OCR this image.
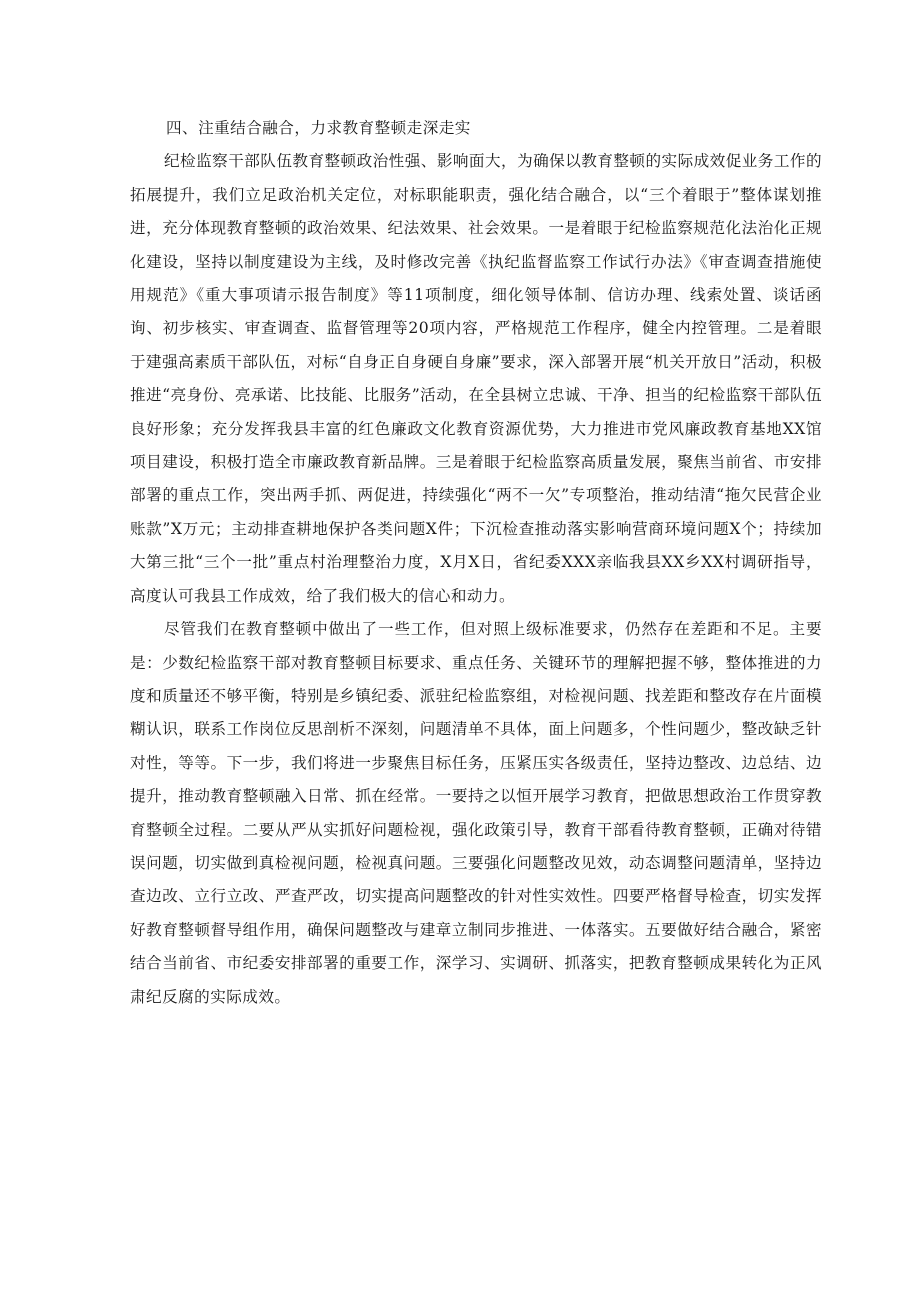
四、注重结合融合，力求教育整顿走深走实

纪检监察干部队伍教育整顿政治性强、影响面大，为确保以教育整顿的实际成效促业务工作的拓展提升，我们立足政治机关定位，对标职能职责，强化结合融合，以“三个着眼于”整体谋划推进，充分体现教育整顿的政治效果、纪法效果、社会效果。一是着眼于纪检监察规范化法治化正规化建设，坚持以制度建设为主线，及时修改完善《执纪监督监察工作试行办法》《审查调查措施使用规范》《重大事项请示报告制度》等11项制度，细化领导体制、信访办理、线索处置、谈话函询、初步核实、审查调查、监督管理等20项内容，严格规范工作程序，健全内控管理。二是着眼于建强高素质干部队伍，对标“自身正自身硬自身廉”要求，深入部署开展“机关开放日”活动，积极推进“亮身份、亮承诺、比技能、比服务”活动，在全县树立忠诚、干净、担当的纪检监察干部队伍良好形象；充分发挥我县丰富的红色廉政文化教育资源优势，大力推进市党风廉政教育基地XX馆项目建设，积极打造全市廉政教育新品牌。三是着眼于纪检监察高质量发展，聚焦当前省、市安排部署的重点工作，突出两手抓、两促进，持续强化“两不一欠”专项整治，推动结清“拖欠民营企业账款”X万元；主动排查耕地保护各类问题X件；下沉检查推动落实影响营商环境问题X个；持续加大第三批“三个一批”重点村治理整治力度，X月X日，省纪委XXX亲临我县XX乡XX村调研指导，高度认可我县工作成效，给了我们极大的信心和动力。

尽管我们在教育整顿中做出了一些工作，但对照上级标准要求，仍然存在差距和不足。主要是：少数纪检监察干部对教育整顿目标要求、重点任务、关键环节的理解把握不够，整体推进的力度和质量还不够平衡，特别是乡镇纪委、派驻纪检监察组，对检视问题、找差距和整改存在片面模糊认识，联系工作岗位反思剖析不深刻，问题清单不具体，面上问题多，个性问题少，整改缺乏针对性，等等。下一步，我们将进一步聚焦目标任务，压紧压实各级责任，坚持边整改、边总结、边提升，推动教育整顿融入日常、抓在经常。一要持之以恒开展学习教育，把做思想政治工作贯穿教育整顿全过程。二要从严从实抓好问题检视，强化政策引导，教育干部看待教育整顿，正确对待错误问题，切实做到真检视问题，检视真问题。三要强化问题整改见效，动态调整问题清单，坚持边查边改、立行立改、严查严改，切实提高问题整改的针对性实效性。四要严格督导检查，切实发挥好教育整顿督导组作用，确保问题整改与建章立制同步推进、一体落实。五要做好结合融合，紧密结合当前省、市纪委安排部署的重要工作，深学习、实调研、抓落实，把教育整顿成果转化为正风肃纪反腐的实际成效。
